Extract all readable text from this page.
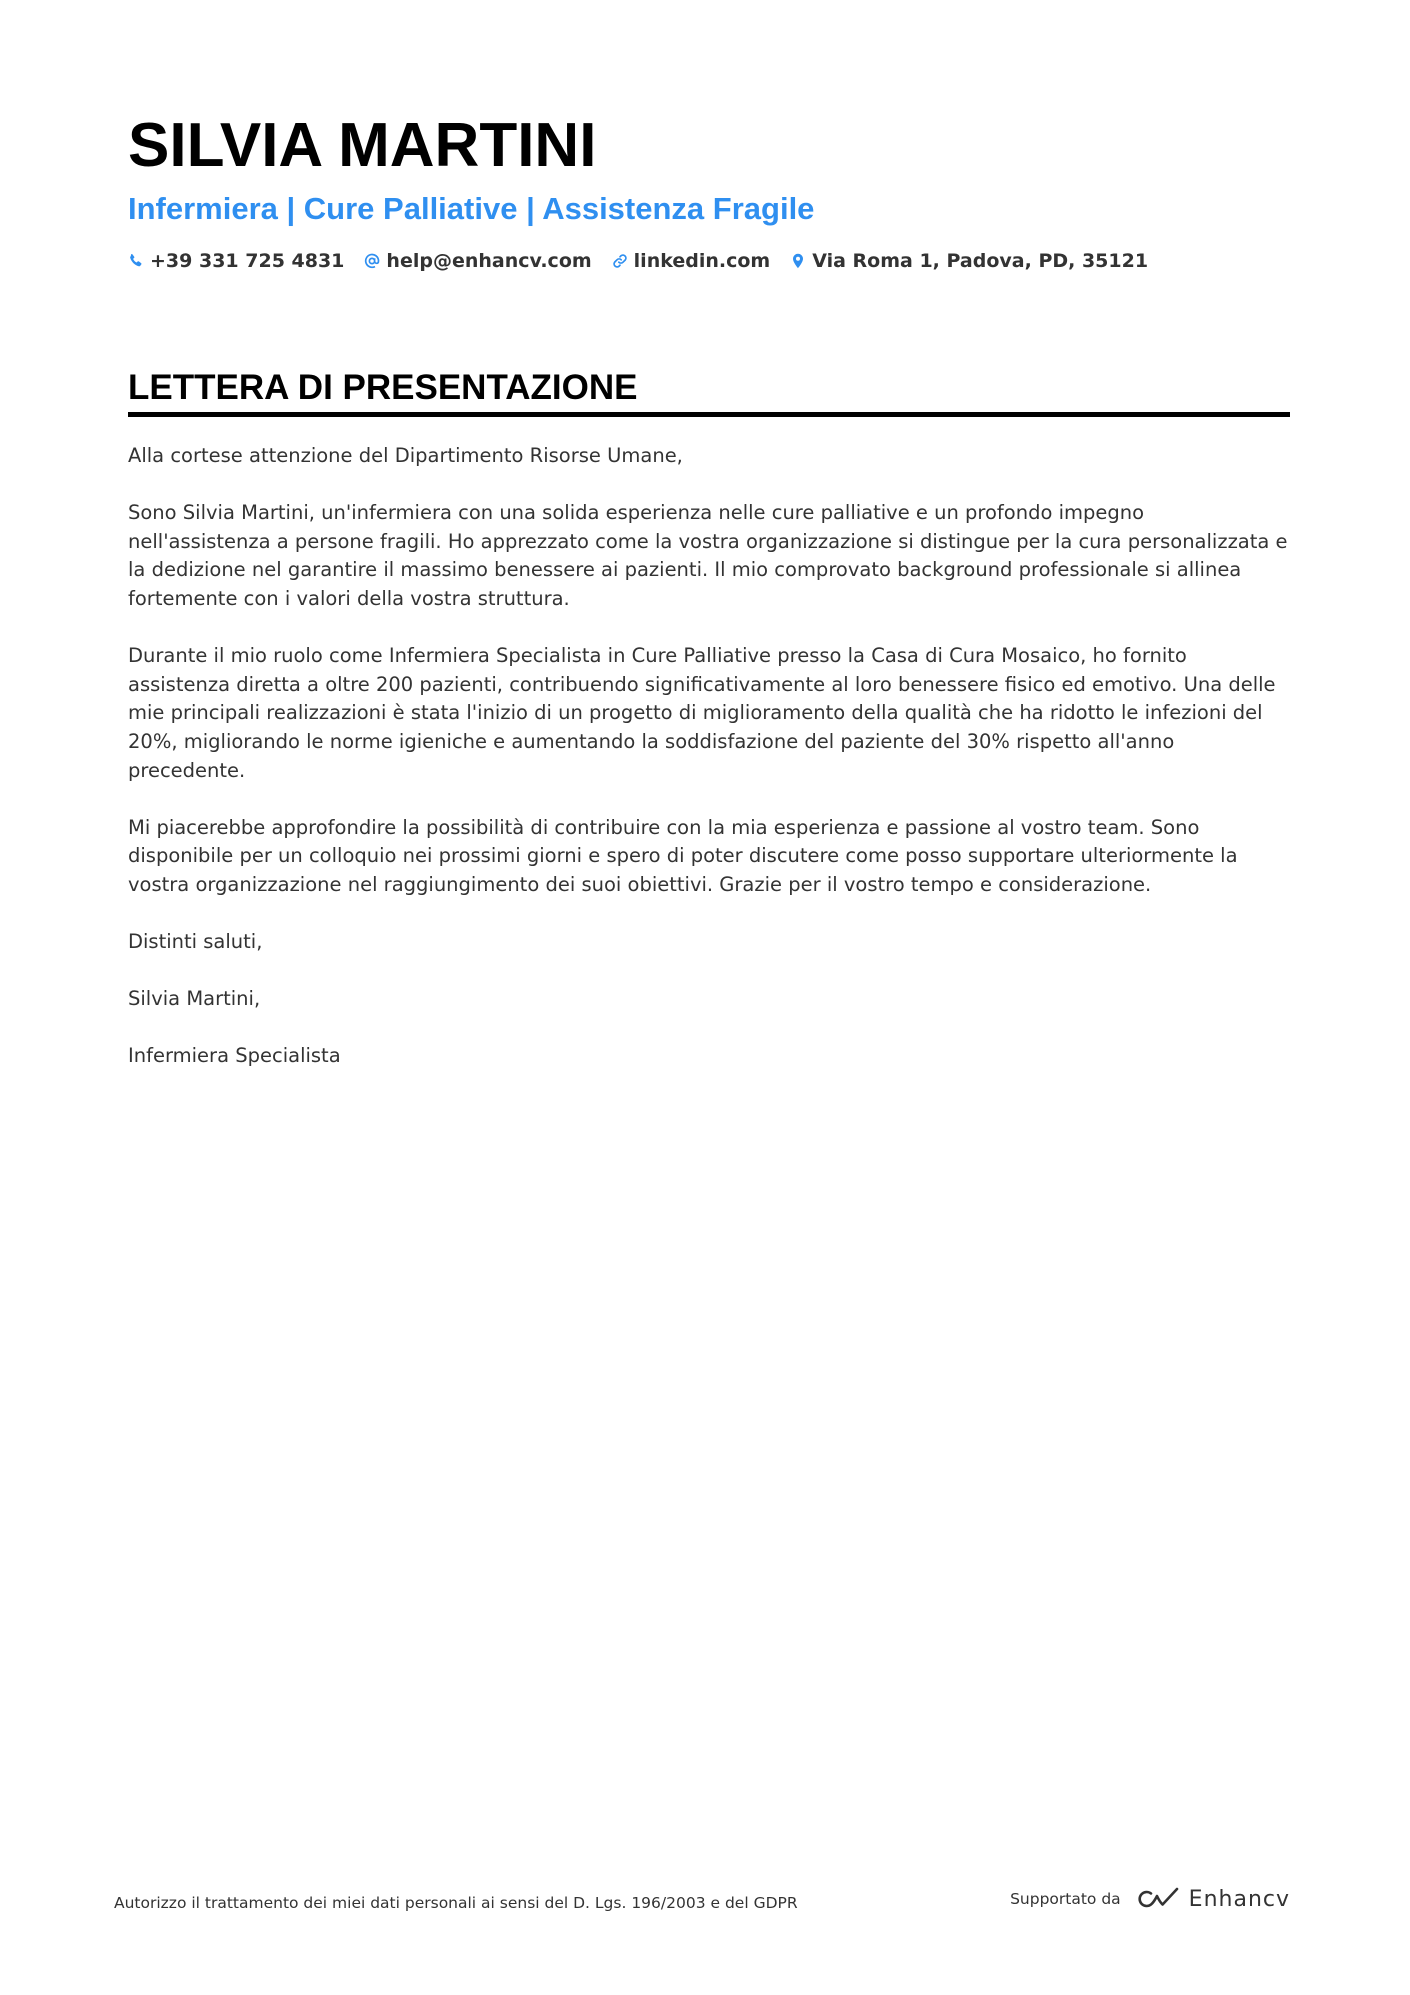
SILVIA MARTINI
Infermiera | Cure Palliative | Assistenza Fragile
+39 331 725 4831 help@enhancv.com linkedin.com Via Roma 1, Padova, PD, 35121
LETTERA DI PRESENTAZIONE

Alla cortese attenzione del Dipartimento Risorse Umane,

Sono Silvia Martini, un'infermiera con una solida esperienza nelle cure palliative e un profondo impegno nell'assistenza a persone fragili. Ho apprezzato come la vostra organizzazione si distingue per la cura personalizzata e la dedizione nel garantire il massimo benessere ai pazienti. Il mio comprovato background professionale si allinea fortemente con i valori della vostra struttura.

Durante il mio ruolo come Infermiera Specialista in Cure Palliative presso la Casa di Cura Mosaico, ho fornito assistenza diretta a oltre 200 pazienti, contribuendo significativamente al loro benessere fisico ed emotivo. Una delle mie principali realizzazioni è stata l'inizio di un progetto di miglioramento della qualità che ha ridotto le infezioni del 20%, migliorando le norme igieniche e aumentando la soddisfazione del paziente del 30% rispetto all'anno precedente.

Mi piacerebbe approfondire la possibilità di contribuire con la mia esperienza e passione al vostro team. Sono disponibile per un colloquio nei prossimi giorni e spero di poter discutere come posso supportare ulteriormente la vostra organizzazione nel raggiungimento dei suoi obiettivi. Grazie per il vostro tempo e considerazione.

Distinti saluti,

Silvia Martini,

Infermiera Specialista

Autorizzo il trattamento dei miei dati personali ai sensi del D. Lgs. 196/2003 e del GDPR	Supportato da	Enhancv
